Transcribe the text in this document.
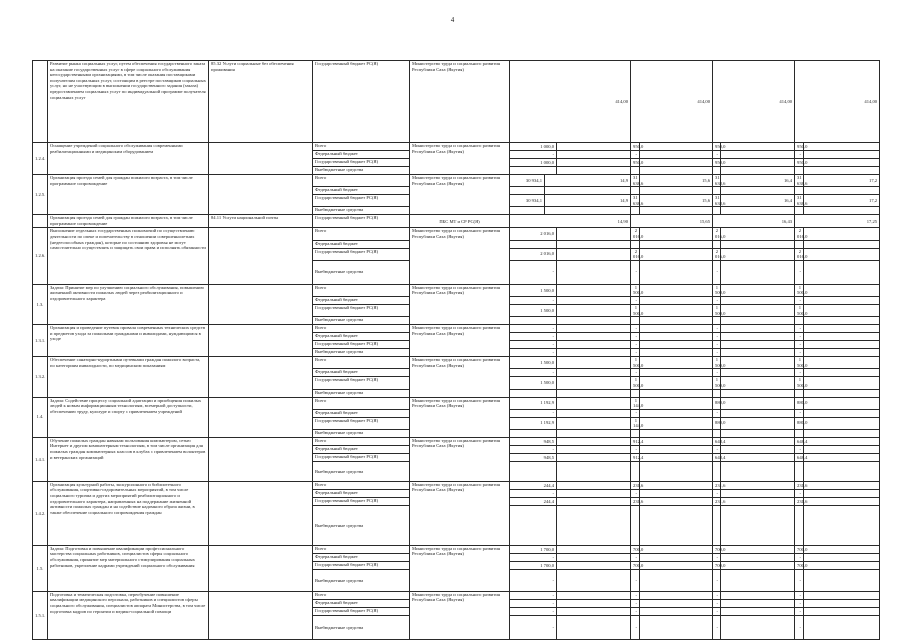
4
	Развитие рынка социальных услуг, путем обеспечения государственного заказа на оказание государственных услуг в сфере социального обслуживания негосударственными организациями, в том числе оказания поставщиками получателям социальных услуг, состоящим в реестре поставщиков социальных услуг, но не участвующим в выполнении государственного задания (заказа) предоставлением социальных услуг по индивидуальной программе получателя социальных услуг	85.32 Услуги социальные без обеспечения проживания	Государственный бюджет РС(Я)	Министерство труда и социального развития Республики Саха (Якутия)	414,00			414,00		414,00		414,00	
1.2.4.	Оснащение учреждений социального обслуживания современными реабилитационными и медицинским оборудованием		Всего	Министерство труда и социального развития Республики Саха (Якутия)	1 000,0			950,0		950,0		950,0	
			Федеральный бюджет		-			-		-		-	
			Государственный бюджет РС(Я)		1 000,0			950,0		950,0		950,0	
			Внебюджетные средства										
1.2.5.	Организация проезда семей для граждан пожилого возраста, в том числе программное сопровождение		Всего	Министерство труда и социального развития Республики Саха (Якутия)	30 934,1	14,9		31 638,6	15,6	31 638,6	16,4	31 638,6	17,2
			Федеральный бюджет										
			Государственный бюджет РС(Я)		30 934,1	14,9		31 638,6	15,6	31 638,6	16,4	31 638,6	17,2
			Внебюджетные средства										
	Организация проезда семей для граждан пожилого возраста, в том числе программное сопровождение	84.11 Услуги национальной почты	Государственный бюджет РС(Я)	ПБС МТ и СР РС(Я)	14,90			15,65		16,43		17,25	
1.2.6.	Выполнение отдельных государственных полномочий по осуществлению деятельности по опеке и попечительству в отношении совершеннолетних (недееспособных граждан), которые по состоянию здоровья не могут самостоятельно осуществлять и защищать свои права и исполнять обязанности		Всего	Министерство труда и социального развития Республики Саха (Якутия)	2 016,0			2 016,0		2 016,0		2 016,0	
			Федеральный бюджет										
			Государственный бюджет РС(Я)		2 016,0			2 016,0		2 016,0		2 016,0	
			Внебюджетные средства		-			-		-		-	
1.3.	Задача: Принятие мер по улучшению социального обслуживания, повышению жизненной активности пожилых людей через реабилитационного и оздоровительного характера		Всего	Министерство труда и социального развития Республики Саха (Якутия)	1 500,0			1 500,0		1 500,0		1 500,0	
			Федеральный бюджет		-			-		-		-	
			Государственный бюджет РС(Я)		1 500,0			1 500,0		1 500,0		1 500,0	
			Внебюджетные средства										
1.3.1.	Организация и проведение путевок провала современных технических средств и предметов ухода за пожилыми гражданами и инвалидами, нуждающимся в уходе		Всего	Министерство труда и социального развития Республики Саха (Якутия)	-			-		-		-	
			Федеральный бюджет		-			-		-		-	
			Государственный бюджет РС(Я)		-			-		-		-	
			Внебюджетные средства		-			-		-		-	
1.3.2.	Обеспечение санаторно-курортными путевками граждан пожилого возраста, по категориям инвалидности, по медицинским показаниям		Всего	Министерство труда и социального развития Республики Саха (Якутия)	1 500,0			1 500,0		1 500,0		1 500,0	
			Федеральный бюджет		-			-		-		-	
			Государственный бюджет РС(Я)		1 500,0			1 500,0		1 500,0		1 500,0	
			Внебюджетные средства										
1.4.	Задача: Содействие процессу социальной адаптации и приобщения пожилых людей к новым информационным технологиям, всемерной доступности, обеспечению труду, культуре и спорту с привлечением учреждений		Всего	Министерство труда и социального развития Республики Саха (Якутия)	1 192,9			1 144,0		880,0		880,0	
			Федеральный бюджет		-			-		-		-	
			Государственный бюджет РС(Я)		1 192,9			1 144,0		880,0		880,0	
			Внебюджетные средства										
1.4.1.	Обучение пожилых граждан навыкам пользования компьютером, сетью Интернет и другим компьютерным технологиям, в том числе организация для пожилых граждан компьютерных классов в клубах с привлечением волонтеров и ветеранских организаций		Всего	Министерство труда и социального развития Республики Саха (Якутия)	948,5			912,4		648,4		648,4	
			Федеральный бюджет		-			-		-		-	
			Государственный бюджет РС(Я)		948,5			912,4		648,4		648,4	
			Внебюджетные средства										
1.4.2.	Организация культурной работы, экскурсионного и библиотечного обслуживания, спортивно-оздоровительных мероприятий, в том числе социального туризма и других мероприятий реабилитационного и оздоровительного характера, направленных на поддержание жизненной активности пожилых граждан и на содействие надомного образа жизни, в также обеспечение социального сопровождения граждан		Всего	Министерство труда и социального развития Республики Саха (Якутия)	244,4			231,6		231,6		231,6	
			Федеральный бюджет		-			-		-		-	
			Государственный бюджет РС(Я)		244,4			231,6		231,6		231,6	
			Внебюджетные средства										
1.5.	Задача: Подготовка и повышение квалификации профессионального мастерства социальных работников, специалистов сферы социального обслуживания, принятие мер материального стимулирования социальных работников, укрепление кадрами учреждений социального обслуживания		Всего	Министерство труда и социального развития Республики Саха (Якутия)	1 700,0			700,0		700,0		700,0	
			Федеральный бюджет		-			-		-		-	
			Государственный бюджет РС(Я)		1 700,0			700,0		700,0		700,0	
			Внебюджетные средства		-			-		-		-	
1.5.1.	Подготовка и тематическая подготовка, переобучение повышение квалификации медицинского персонала, работников и специалистов сферы социального обслуживания, специалистов аппарата Министерства, в том числе подготовка кадров по геронтии и медико-социальной помощи		Всего	Министерство труда и социального развития Республики Саха (Якутия)	-			-		-		-	
			Федеральный бюджет		-			-		-		-	
			Государственный бюджет РС(Я)		-			-		-		-	
			Внебюджетные средства		-			-		-		-	
